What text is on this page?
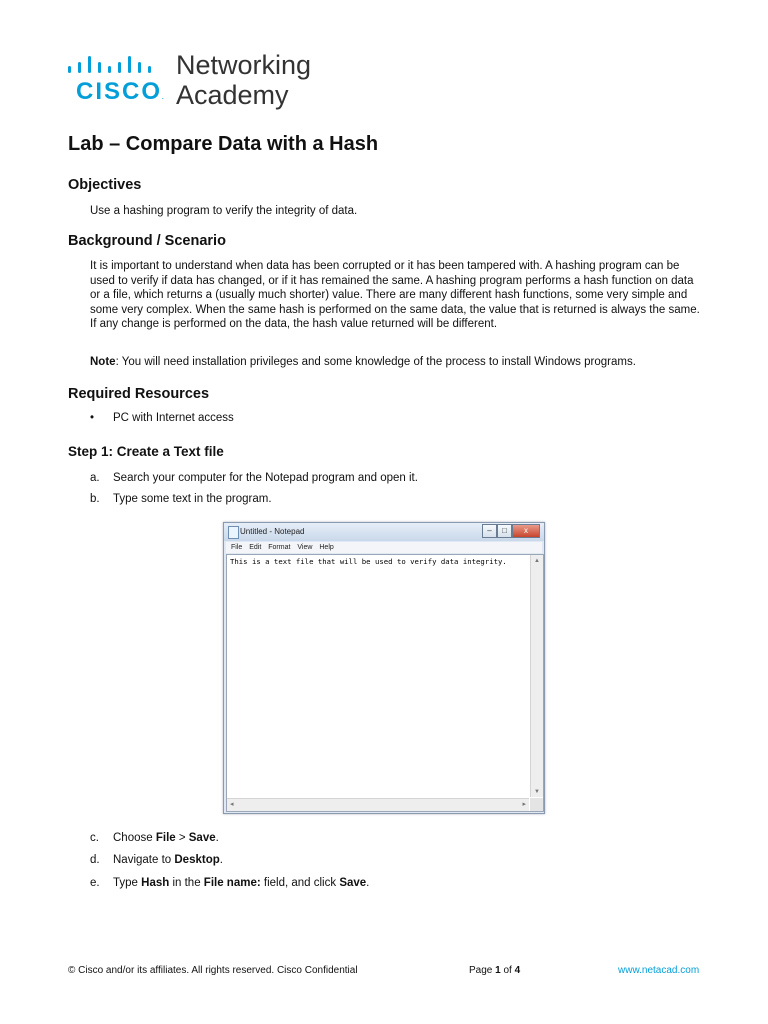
CISCO.
Networking
Academy
Lab – Compare Data with a Hash
Objectives

Use a hashing program to verify the integrity of data.

Background / Scenario

It is important to understand when data has been corrupted or it has been tampered with. A hashing program can be used to verify if data has changed, or if it has remained the same. A hashing program performs a hash function on data or a file, which returns a (usually much shorter) value. There are many different hash functions, some very simple and some very complex. When the same hash is performed on the same data, the value that is returned is always the same. If any change is performed on the data, the hash value returned will be different.

Note: You will need installation privileges and some knowledge of the process to install Windows programs.

Required Resources
• PC with Internet access
Step 1: Create a Text file
a. Search your computer for the Notepad program and open it.
b. Type some text in the program.
Untitled - Notepad	– □ x
File Edit Format View Help
This is a text file that will be used to verify data integrity.	▲
▼
◂	▸
c. Choose File > Save.
d. Navigate to Desktop.
e. Type Hash in the File name: field, and click Save.
© Cisco and/or its affiliates. All rights reserved. Cisco Confidential	Page 1 of 4	www.netacad.com
